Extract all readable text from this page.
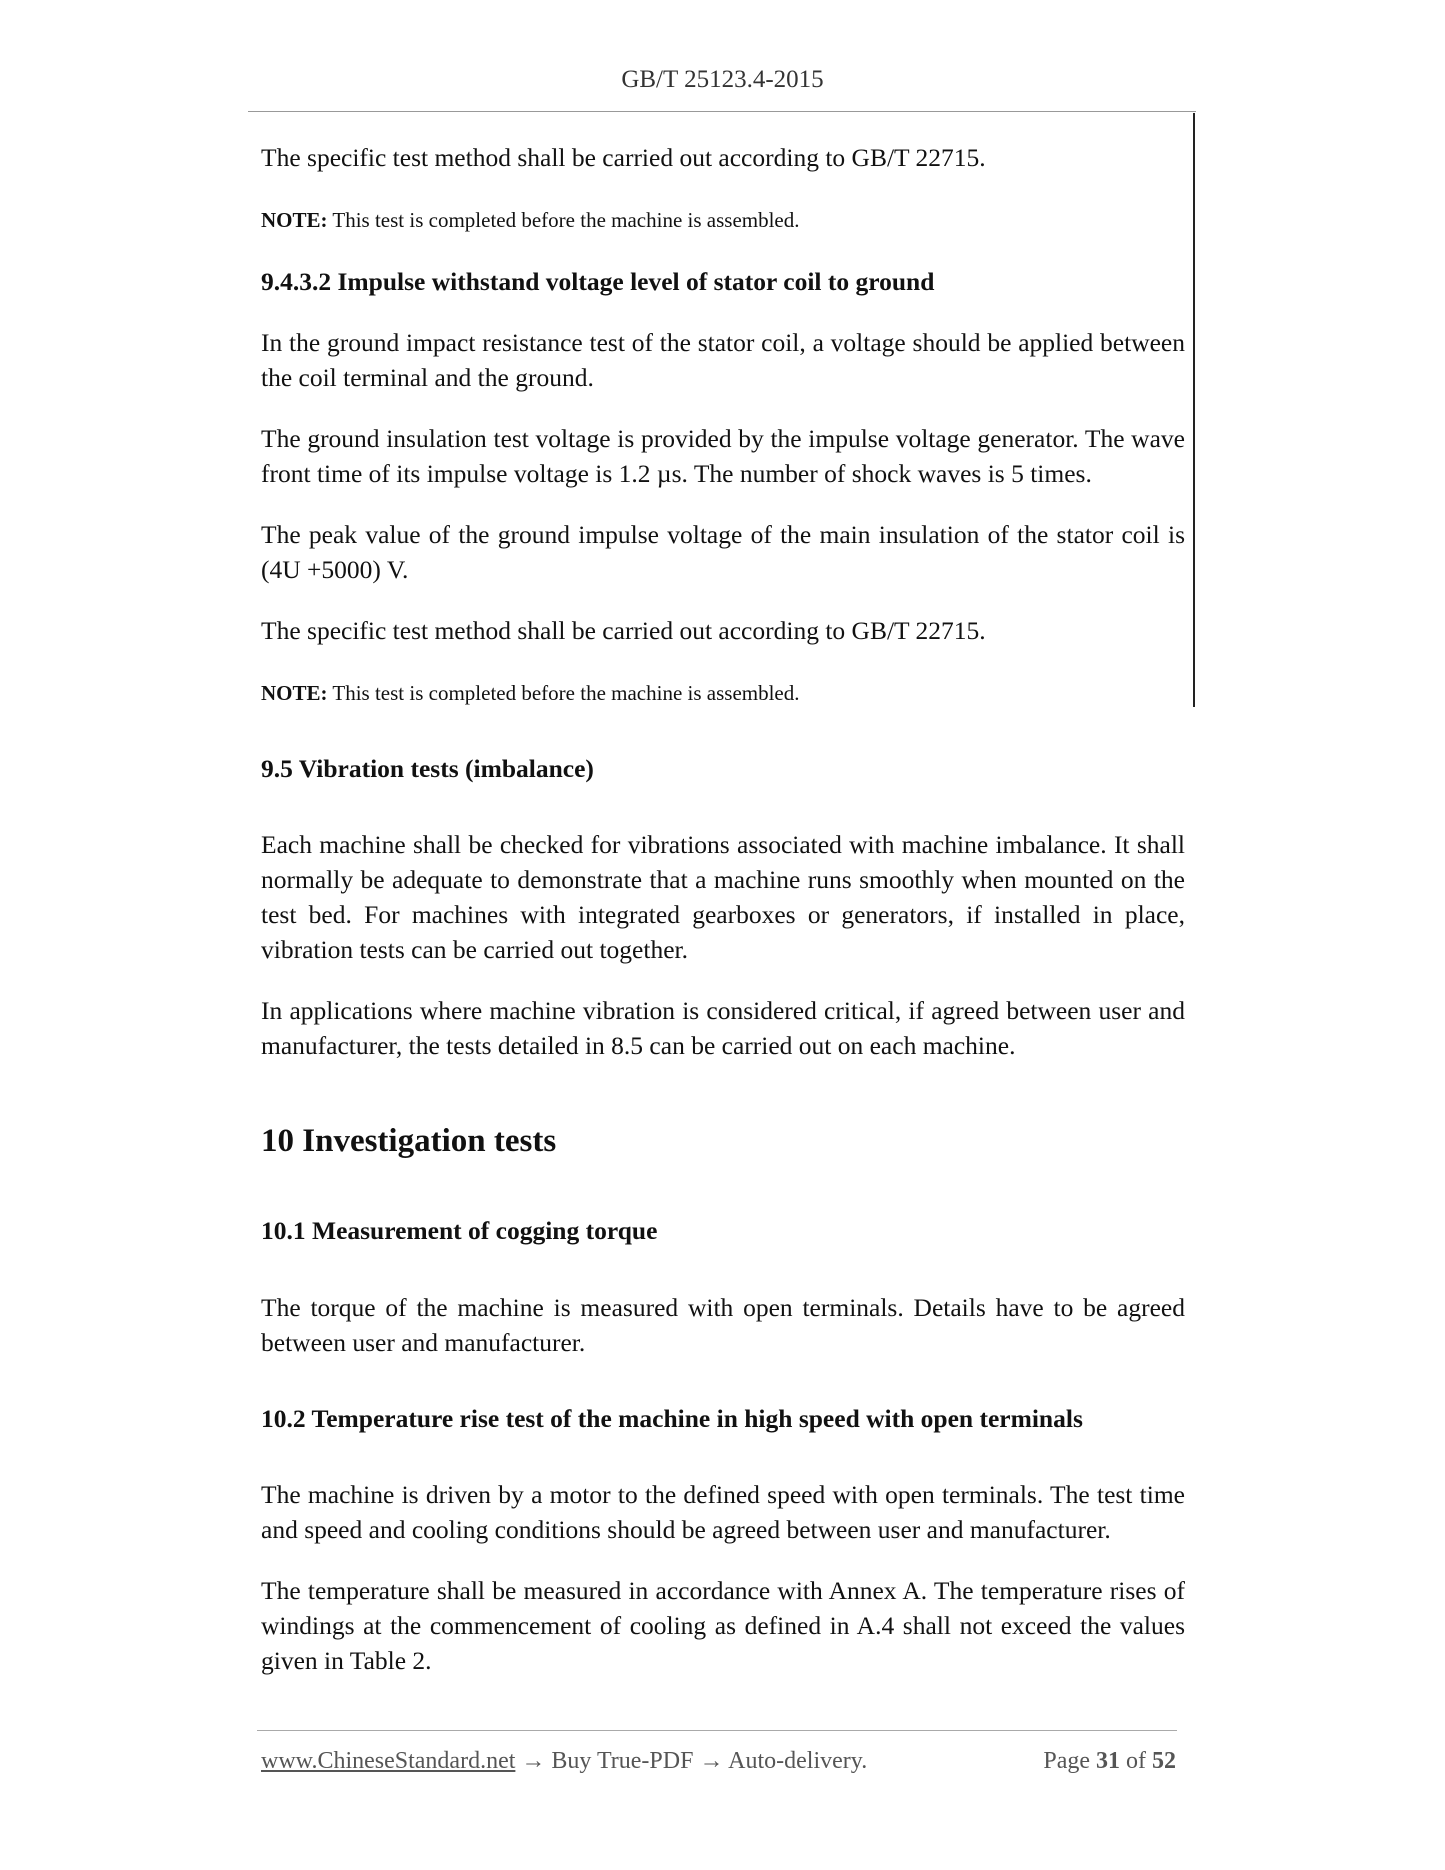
GB/T 25123.4-2015

The specific test method shall be carried out according to GB/T 22715.

NOTE: This test is completed before the machine is assembled.

9.4.3.2 Impulse withstand voltage level of stator coil to ground

In the ground impact resistance test of the stator coil, a voltage should be applied between the coil terminal and the ground.

The ground insulation test voltage is provided by the impulse voltage generator. The wave front time of its impulse voltage is 1.2 µs. The number of shock waves is 5 times.

The peak value of the ground impulse voltage of the main insulation of the stator coil is (4U +5000) V.

The specific test method shall be carried out according to GB/T 22715.

NOTE: This test is completed before the machine is assembled.

9.5 Vibration tests (imbalance)

Each machine shall be checked for vibrations associated with machine imbalance. It shall normally be adequate to demonstrate that a machine runs smoothly when mounted on the test bed. For machines with integrated gearboxes or generators, if installed in place, vibration tests can be carried out together.

In applications where machine vibration is considered critical, if agreed between user and manufacturer, the tests detailed in 8.5 can be carried out on each machine.

10 Investigation tests

10.1 Measurement of cogging torque

The torque of the machine is measured with open terminals. Details have to be agreed between user and manufacturer.

10.2 Temperature rise test of the machine in high speed with open terminals

The machine is driven by a motor to the defined speed with open terminals. The test time and speed and cooling conditions should be agreed between user and manufacturer.

The temperature shall be measured in accordance with Annex A. The temperature rises of windings at the commencement of cooling as defined in A.4 shall not exceed the values given in Table 2.

www.ChineseStandard.net → Buy True-PDF → Auto-delivery.	Page 31 of 52
